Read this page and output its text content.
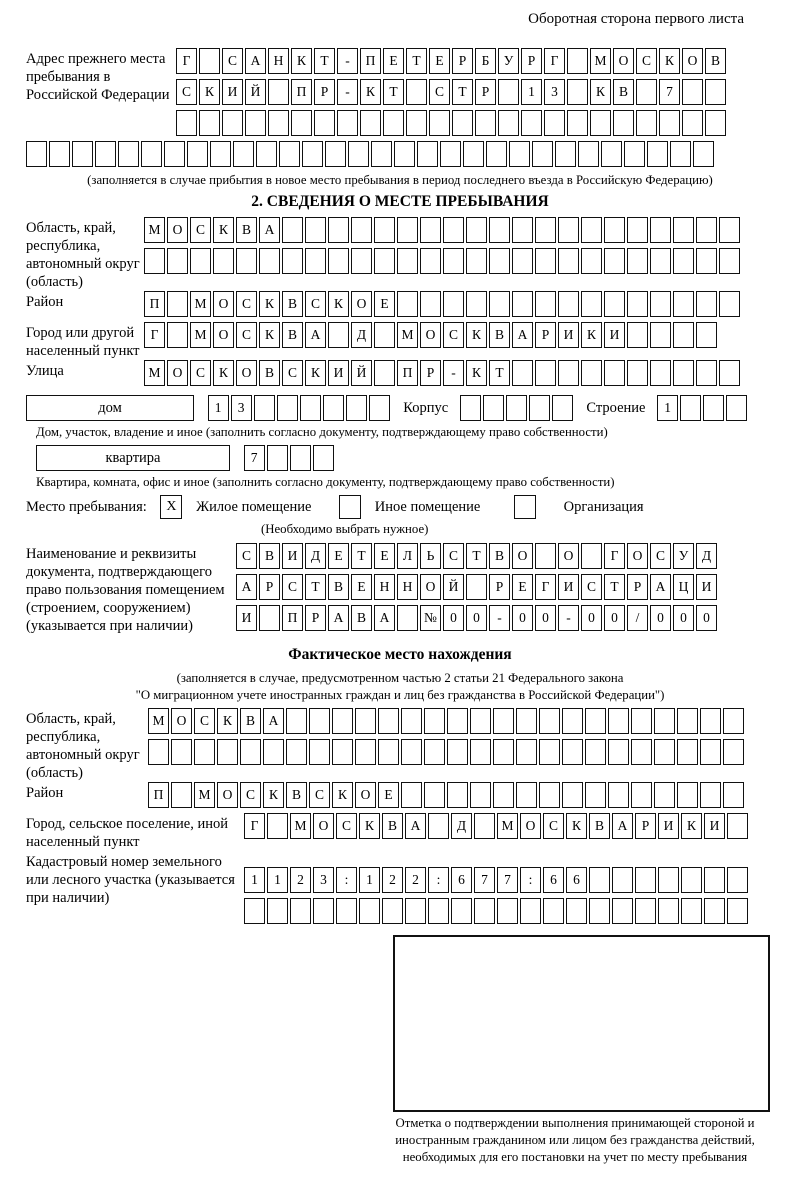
Оборотная сторона первого листа
Адрес прежнего места пребывания в Российской Федерации
Г	С А Н К Т - П Е Т Е Р Б У Р Г	М О С К О В
С К И Й	П Р - К Т	С Т Р	1 3	К В	7

(заполняется в случае прибытия в новое место пребывания в период последнего въезда в Российскую Федерацию)
2. СВЕДЕНИЯ О МЕСТЕ ПРЕБЫВАНИЯ
Область, край, республика, автономный округ (область)
М О С К В А

Район	П	М О С К В С К О Е
Город или другой населенный пункт
Г	М О С К В А	Д	М О С К В А Р И К И
Улица	М О С К О В С К И Й	П Р - К Т
дом	1 3	Корпус	Строение 1
Дом, участок, владение и иное (заполнить согласно документу, подтверждающему право собственности)
квартира	7
Квартира, комната, офис и иное (заполнить согласно документу, подтверждающему право собственности)
Место пребывания: X Жилое помещение	Иное помещение	Организация
(Необходимо выбрать нужное)
Наименование и реквизиты документа, подтверждающего право пользования помещением (строением, сооружением) (указывается при наличии)
С В И Д Е Т Е Л Ь С Т В О	О	Г О С У Д
А Р С Т В Е Н Н О Й	Р Е Г И С Т Р А Ц И
И	П Р А В А	№ 0 0 - 0 0 - 0 0 / 0 0 0
Фактическое место нахождения
(заполняется в случае, предусмотренном частью 2 статьи 21 Федерального закона
"О миграционном учете иностранных граждан и лиц без гражданства в Российской Федерации")
Область, край, республика, автономный округ (область)
М О С К В А

Район	П	М О С К В С К О Е
Город, сельское поселение, иной населенный пункт
Г	М О С К В А	Д	М О С К В А Р И К И
Кадастровый номер земельного или лесного участка (указывается при наличии)
1 1 2 3 : 1 2 2 : 6 7 7 : 6 6

Отметка о подтверждении выполнения принимающей стороной и иностранным гражданином или лицом без гражданства действий, необходимых для его постановки на учет по месту пребывания
